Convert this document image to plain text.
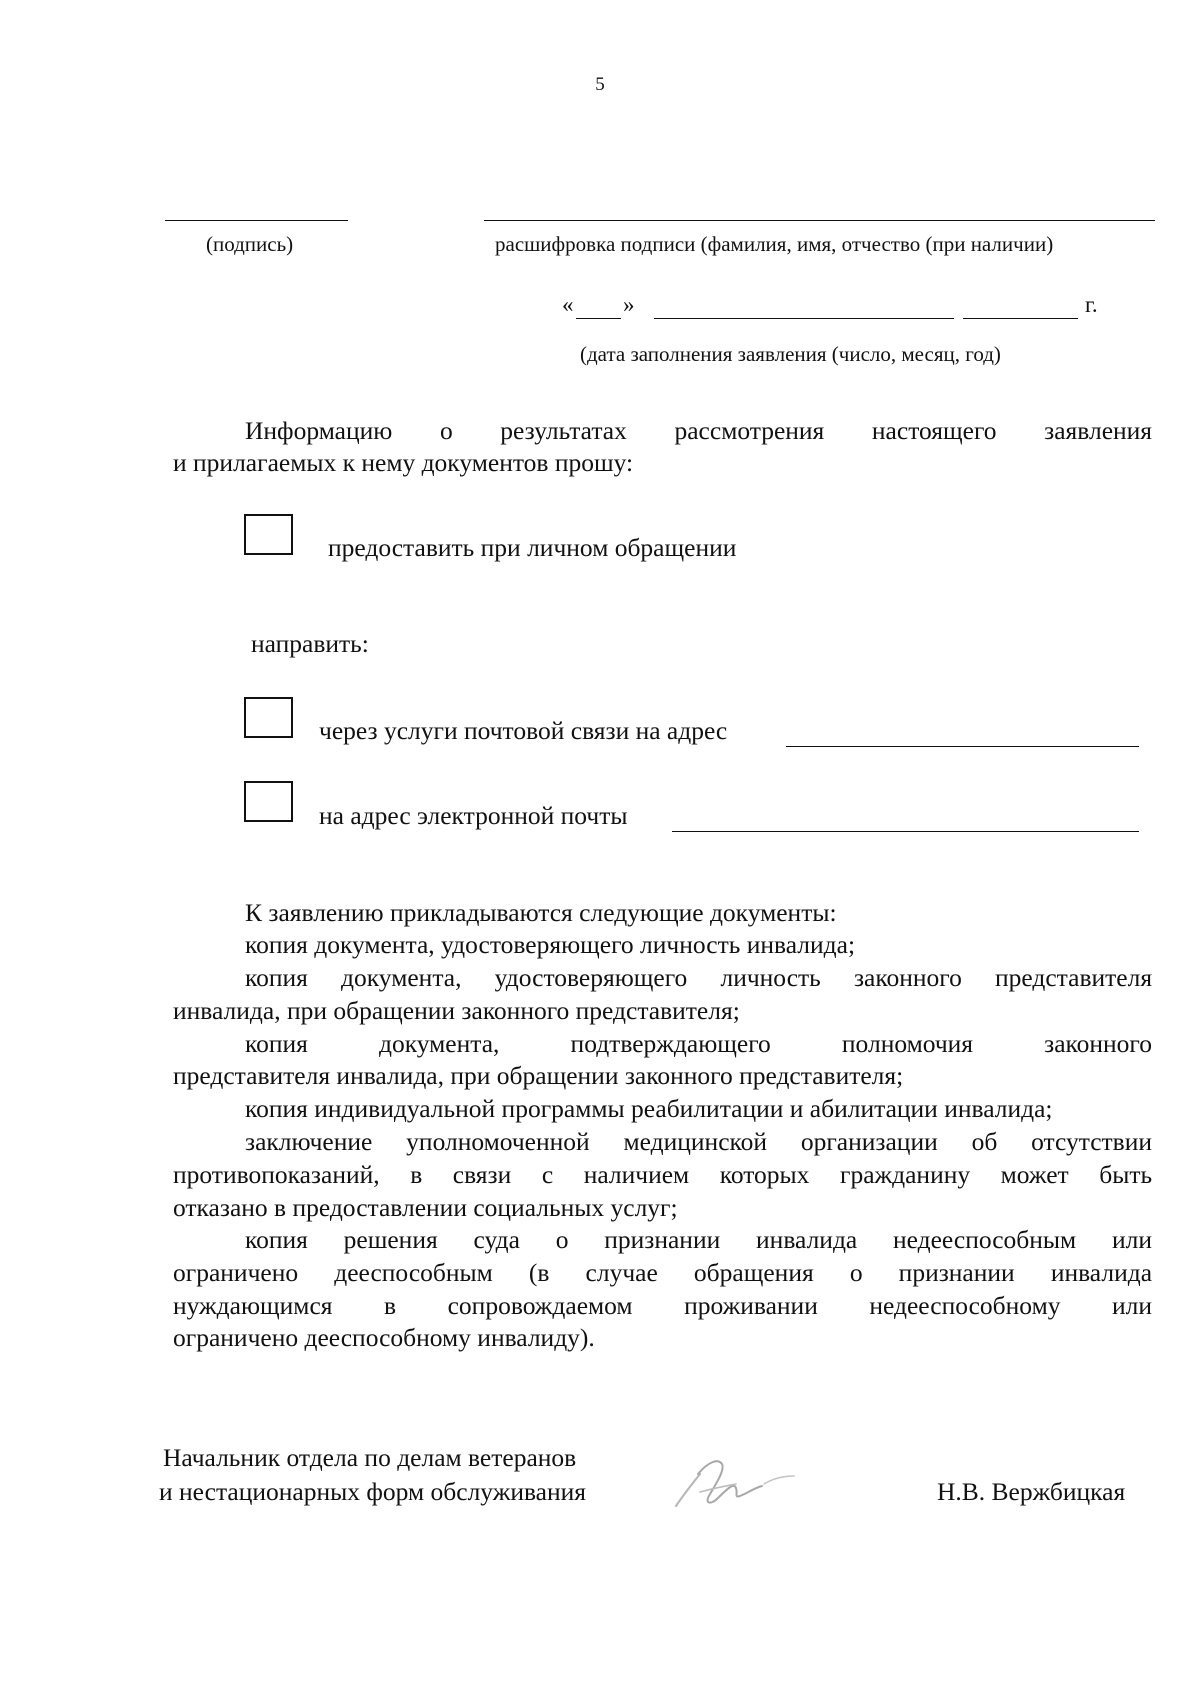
5
(подпись)	расшифровка подписи (фамилия, имя, отчество (при наличии)
« »	г.
(дата заполнения заявления (число, месяц, год)
Информацию о результатах рассмотрения настоящего заявления
и прилагаемых к нему документов прошу:
предоставить при личном обращении
направить:
через услуги почтовой связи на адрес
на адрес электронной почты
К заявлению прикладываются следующие документы:
копия документа, удостоверяющего личность инвалида;
копия документа, удостоверяющего личность законного представителя
инвалида, при обращении законного представителя;
копия	документа,	подтверждающего	полномочия	законного
представителя инвалида, при обращении законного представителя;
копия индивидуальной программы реабилитации и абилитации инвалида;
заключение уполномоченной медицинской организации об отсутствии
противопоказаний, в связи с наличием которых гражданину может быть
отказано в предоставлении социальных услуг;
копия решения суда о признании инвалида недееспособным или
ограничено дееспособным (в случае обращения о признании инвалида
нуждающимся в сопровождаемом проживании недееспособному или
ограничено дееспособному инвалиду).
Начальник отдела по делам ветеранов
и нестационарных форм обслуживания	Н.В. Вержбицкая
